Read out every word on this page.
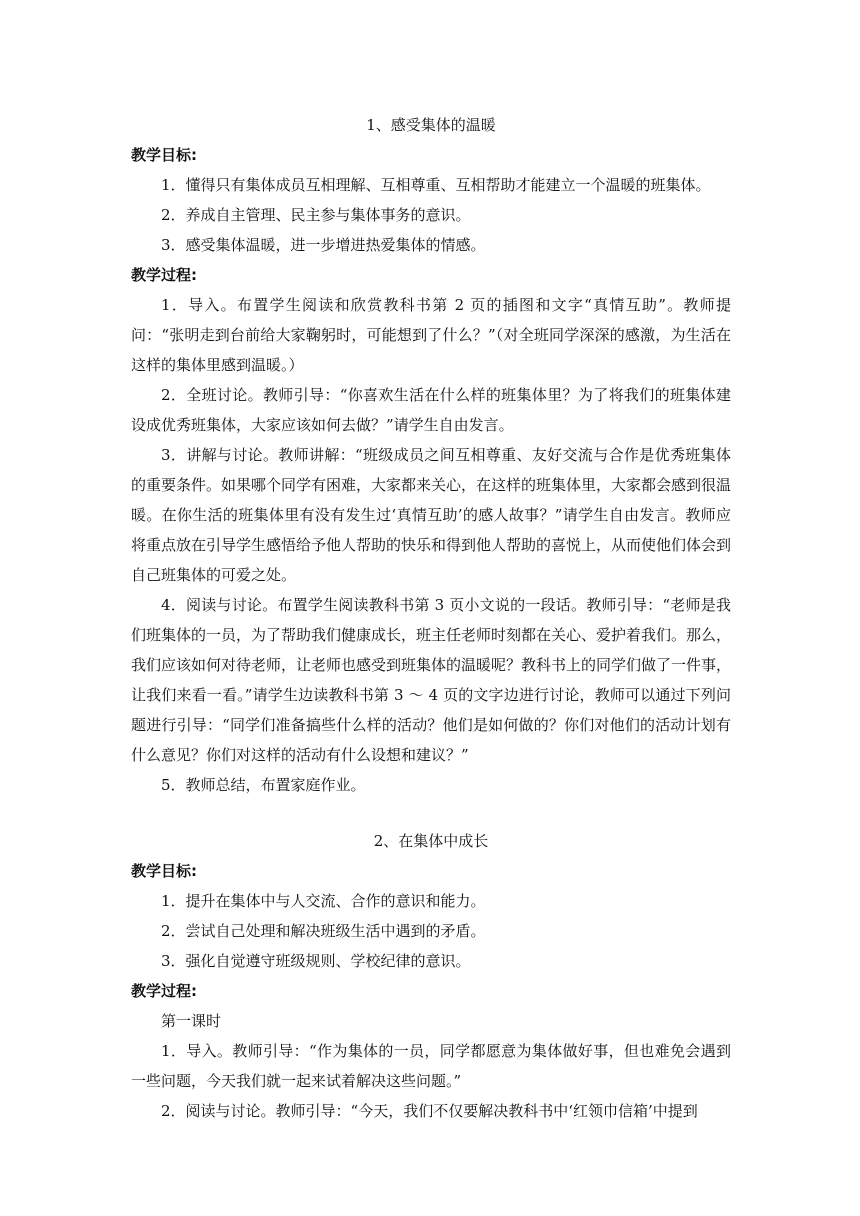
1、感受集体的温暖
教学目标:

1．懂得只有集体成员互相理解、互相尊重、互相帮助才能建立一个温暖的班集体。

2．养成自主管理、民主参与集体事务的意识。

3．感受集体温暖，进一步增进热爱集体的情感。

教学过程:

1．导入。布置学生阅读和欣赏教科书第 2 页的插图和文字“真情互助”。教师提问：“张明走到台前给大家鞠躬时，可能想到了什么？”（对全班同学深深的感激，为生活在这样的集体里感到温暖。）

2．全班讨论。教师引导：“你喜欢生活在什么样的班集体里？为了将我们的班集体建设成优秀班集体，大家应该如何去做？”请学生自由发言。

3．讲解与讨论。教师讲解：“班级成员之间互相尊重、友好交流与合作是优秀班集体的重要条件。如果哪个同学有困难，大家都来关心，在这样的班集体里，大家都会感到很温暖。在你生活的班集体里有没有发生过‘真情互助’的感人故事？”请学生自由发言。教师应将重点放在引导学生感悟给予他人帮助的快乐和得到他人帮助的喜悦上，从而使他们体会到自己班集体的可爱之处。

4．阅读与讨论。布置学生阅读教科书第 3 页小文说的一段话。教师引导：“老师是我们班集体的一员，为了帮助我们健康成长，班主任老师时刻都在关心、爱护着我们。那么，我们应该如何对待老师，让老师也感受到班集体的温暖呢？教科书上的同学们做了一件事，让我们来看一看。”请学生边读教科书第 3 ～ 4 页的文字边进行讨论，教师可以通过下列问题进行引导：“同学们准备搞些什么样的活动？他们是如何做的？你们对他们的活动计划有什么意见？你们对这样的活动有什么设想和建议？”

5．教师总结，布置家庭作业。

2、在集体中成长
教学目标:

1．提升在集体中与人交流、合作的意识和能力。

2．尝试自己处理和解决班级生活中遇到的矛盾。

3．强化自觉遵守班级规则、学校纪律的意识。

教学过程:

第一课时

1．导入。教师引导：“作为集体的一员，同学都愿意为集体做好事，但也难免会遇到一些问题，今天我们就一起来试着解决这些问题。”

2．阅读与讨论。教师引导：“今天，我们不仅要解决教科书中‘红领巾信箱’中提到
